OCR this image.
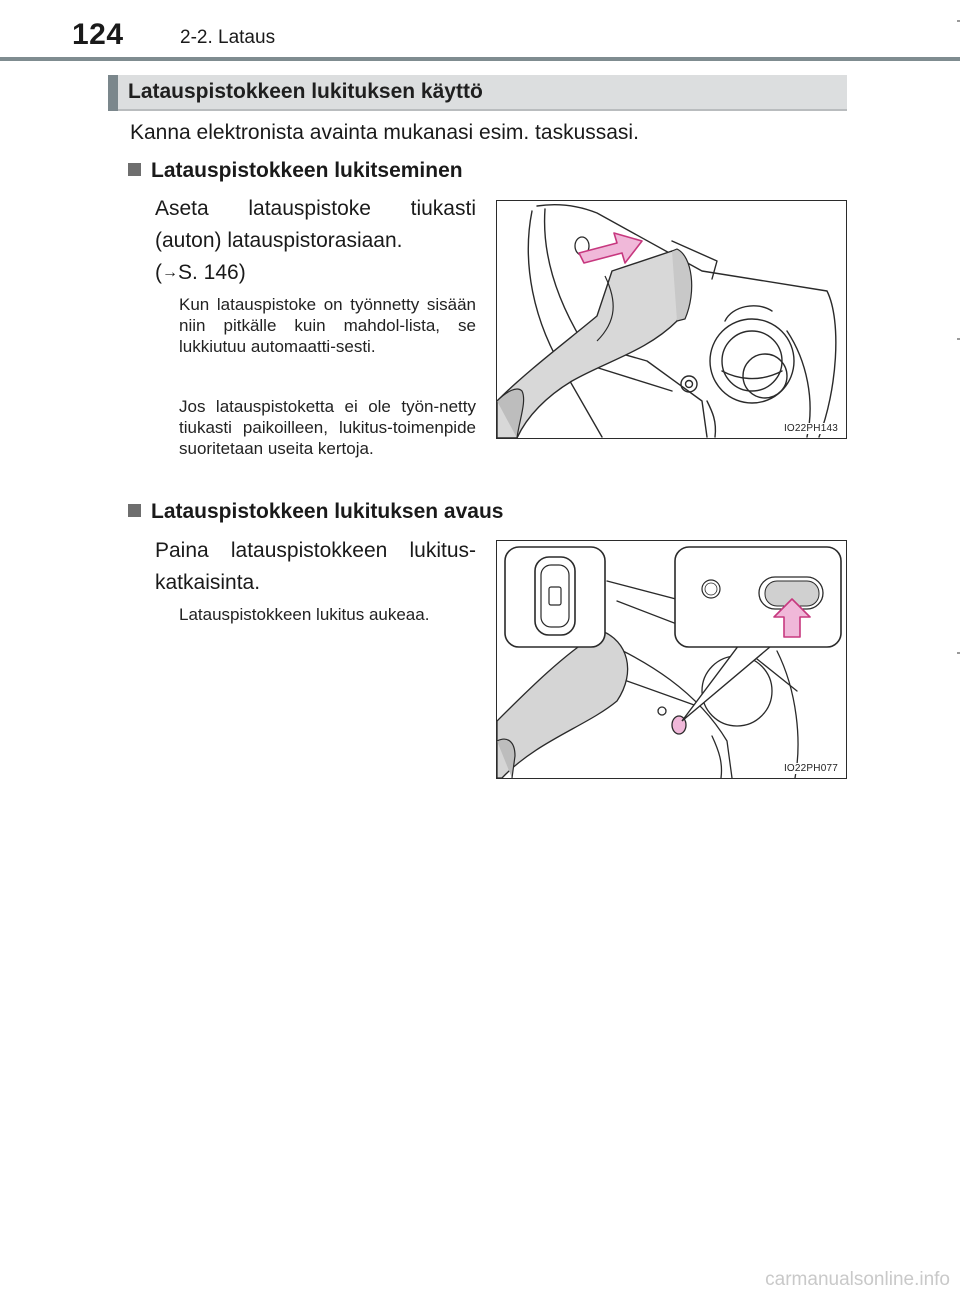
124	2-2. Lataus
Latauspistokkeen lukituksen käyttö
Kanna elektronista avainta mukanasi esim. taskussasi.
Latauspistokkeen lukitseminen
Aseta latauspistoke tiukasti
(auton) latauspistorasiaan.
(→S. 146)
Kun latauspistoke on työnnetty sisään niin pitkälle kuin mahdol-lista, se lukkiutuu automaatti-sesti.
Jos latauspistoketta ei ole työn-netty tiukasti paikoilleen, lukitus-toimenpide suoritetaan useita kertoja.
IO22PH143
Latauspistokkeen lukituksen avaus
Paina latauspistokkeen lukitus-
katkaisinta.
Latauspistokkeen lukitus aukeaa.
IO22PH077
carmanualsonline.info
